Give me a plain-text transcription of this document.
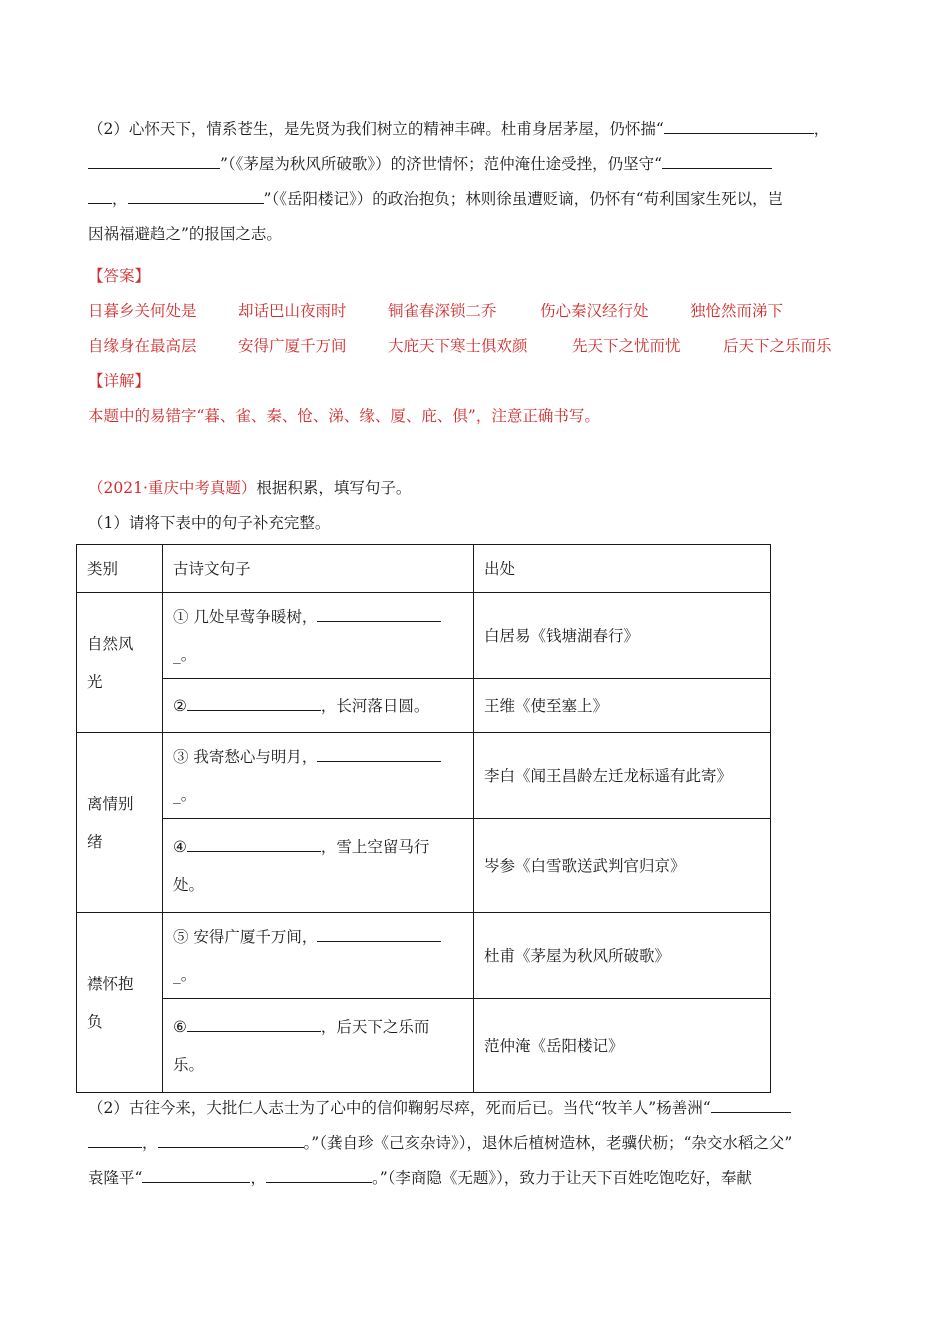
（2）心怀天下，情系苍生，是先贤为我们树立的精神丰碑。杜甫身居茅屋，仍怀揣“	，
”（《茅屋为秋风所破歌》）的济世情怀；范仲淹仕途受挫，仍坚守“
，	”（《岳阳楼记》）的政治抱负；林则徐虽遭贬谪，仍怀有“苟利国家生死以，岂
因祸福避趋之”的报国之志。
【答案】
日暮乡关何处是	却话巴山夜雨时	铜雀春深锁二乔	伤心秦汉经行处	独怆然而涕下
自缘身在最高层	安得广厦千万间	大庇天下寒士俱欢颜	先天下之忧而忧	后天下之乐而乐
【详解】
本题中的易错字“暮、雀、秦、怆、涕、缘、厦、庇、俱”，注意正确书写。
（2021·重庆中考真题）根据积累，填写句子。
（1）请将下表中的句子补充完整。
类别	古诗文句子	出处

自然风
光	① 几处早莺争暖树，
_。	白居易《钱塘湖春行》
	② ，长河落日圆。	王维《使至塞上》

离情别
绪	③ 我寄愁心与明月，
_。	李白《闻王昌龄左迁龙标遥有此寄》

	④ ，雪上空留马行
处。	岑参《白雪歌送武判官归京》

襟怀抱
负	⑤ 安得广厦千万间，
_。	杜甫《茅屋为秋风所破歌》

	⑥ ，后天下之乐而
乐。	范仲淹《岳阳楼记》
（2）古往今来，大批仁人志士为了心中的信仰鞠躬尽瘁，死而后已。当代“牧羊人”杨善洲“
，	。”（龚自珍《己亥杂诗》），退休后植树造林，老骥伏枥；“杂交水稻之父”
袁隆平“	，	。”（李商隐《无题》），致力于让天下百姓吃饱吃好，奉献
